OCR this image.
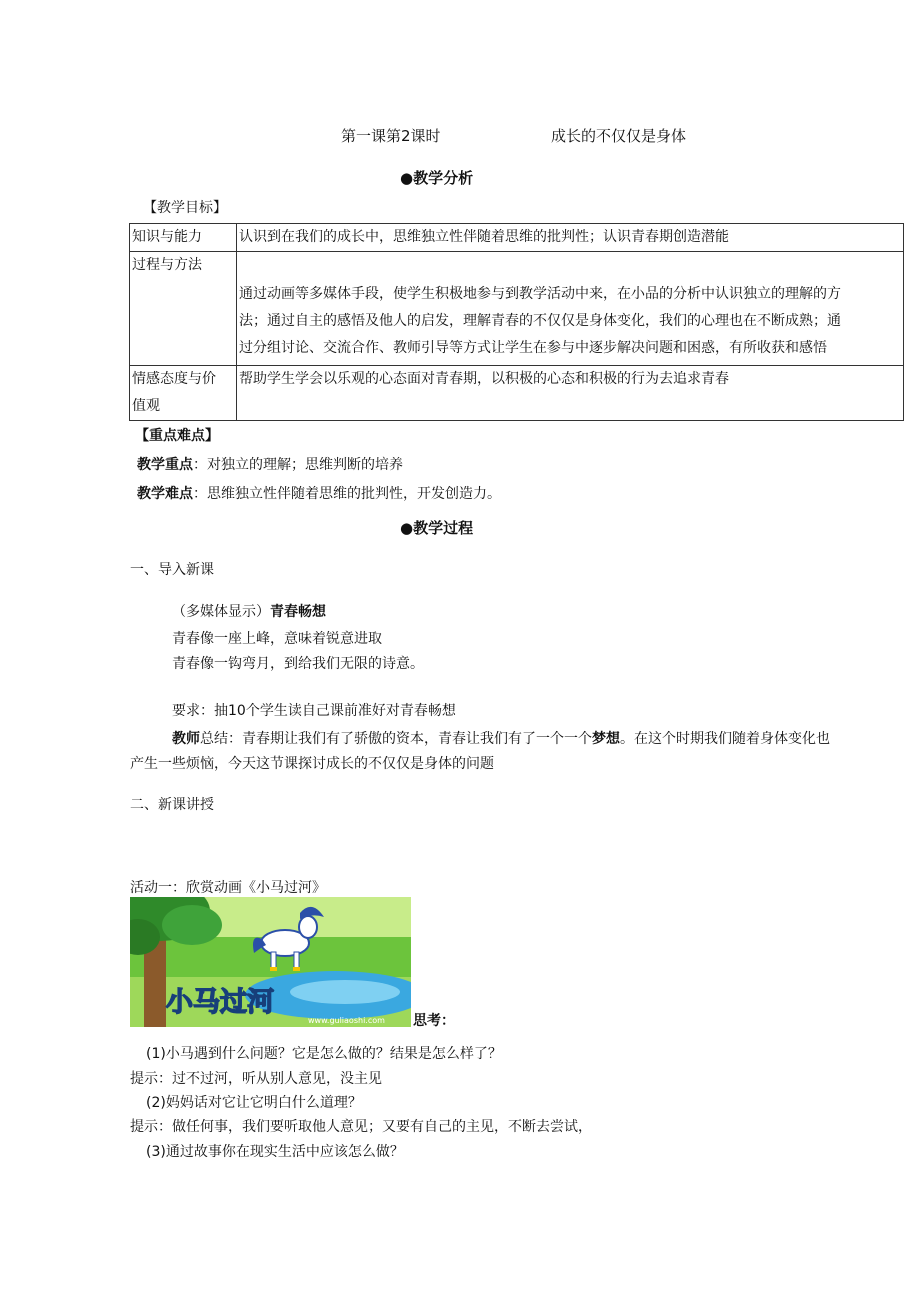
第一课第2课时	成长的不仅仅是身体
●教学分析
【教学目标】
知识与能力	认识到在我们的成长中，思维独立性伴随着思维的批判性；认识青春期创造潜能
过程与方法	通过动画等多媒体手段，使学生积极地参与到教学活动中来，在小品的分析中认识独立的理解的方
法；通过自主的感悟及他人的启发，理解青春的不仅仅是身体变化，我们的心理也在不断成熟；通
过分组讨论、交流合作、教师引导等方式让学生在参与中逐步解决问题和困惑，有所收获和感悟

情感态度与价
值观	帮助学生学会以乐观的心态面对青春期，以积极的心态和积极的行为去追求青春
【重点难点】
教学重点：对独立的理解；思维判断的培养
教学难点：思维独立性伴随着思维的批判性，开发创造力。
●教学过程
一、导入新课
（多媒体显示）青春畅想
青春像一座上峰，意味着锐意进取
青春像一钩弯月，到给我们无限的诗意。
要求：抽10个学生读自己课前准好对青春畅想
教师总结：青春期让我们有了骄傲的资本，青春让我们有了一个一个梦想。在这个时期我们随着身体变化也
产生一些烦恼，今天这节课探讨成长的不仅仅是身体的问题
二、新课讲授
活动一：欣赏动画《小马过河》
小马过河
www.guliaoshi.com 思考：
(1)小马遇到什么问题？它是怎么做的？结果是怎么样了？
提示：过不过河，听从别人意见，没主见
(2)妈妈话对它让它明白什么道理？
提示：做任何事，我们要听取他人意见；又要有自己的主见，不断去尝试，
(3)通过故事你在现实生活中应该怎么做？
